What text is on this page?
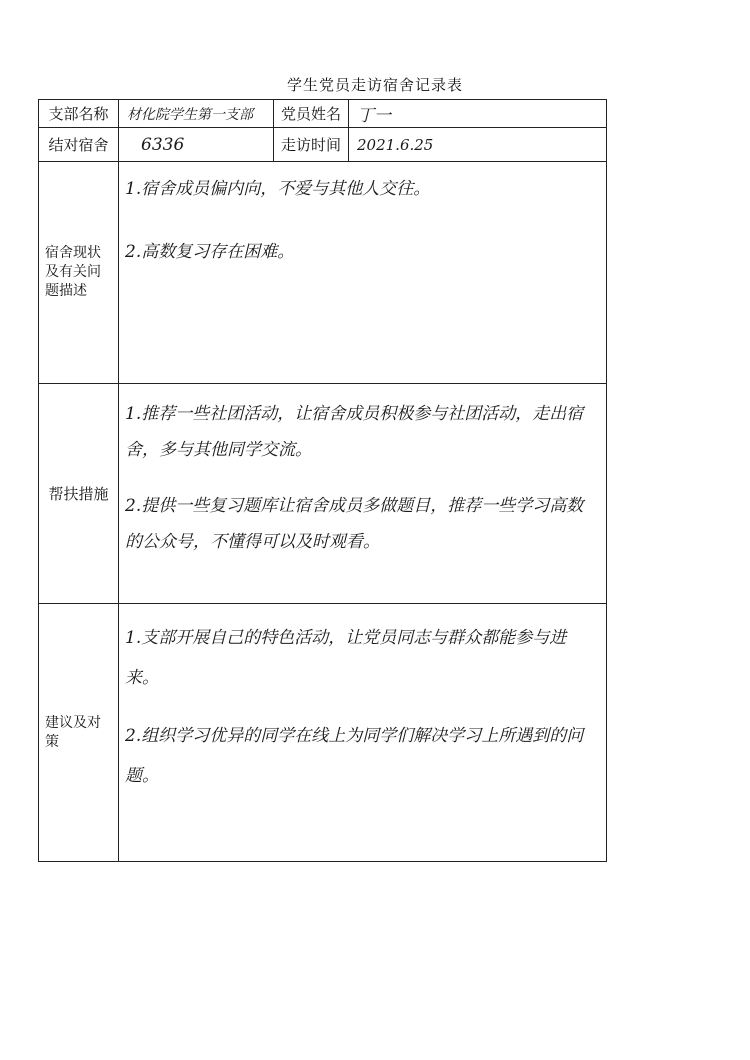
学生党员走访宿舍记录表
支部名称	材化院学生第一支部	党员姓名	丁一
结对宿舍	6336	走访时间	2021.6.25
宿舍现状及有关问题描述	1.宿舍成员偏内向，不爱与其他人交往。
2.高数复习存在困难。		

帮扶措施	1.推荐一些社团活动，让宿舍成员积极参与社团活动，走出宿舍，多与其他同学交流。
2.提供一些复习题库让宿舍成员多做题目，推荐一些学习高数的公众号，不懂得可以及时观看。		

建议及对策	1.支部开展自己的特色活动，让党员同志与群众都能参与进来。
2.组织学习优异的同学在线上为同学们解决学习上所遇到的问题。		
